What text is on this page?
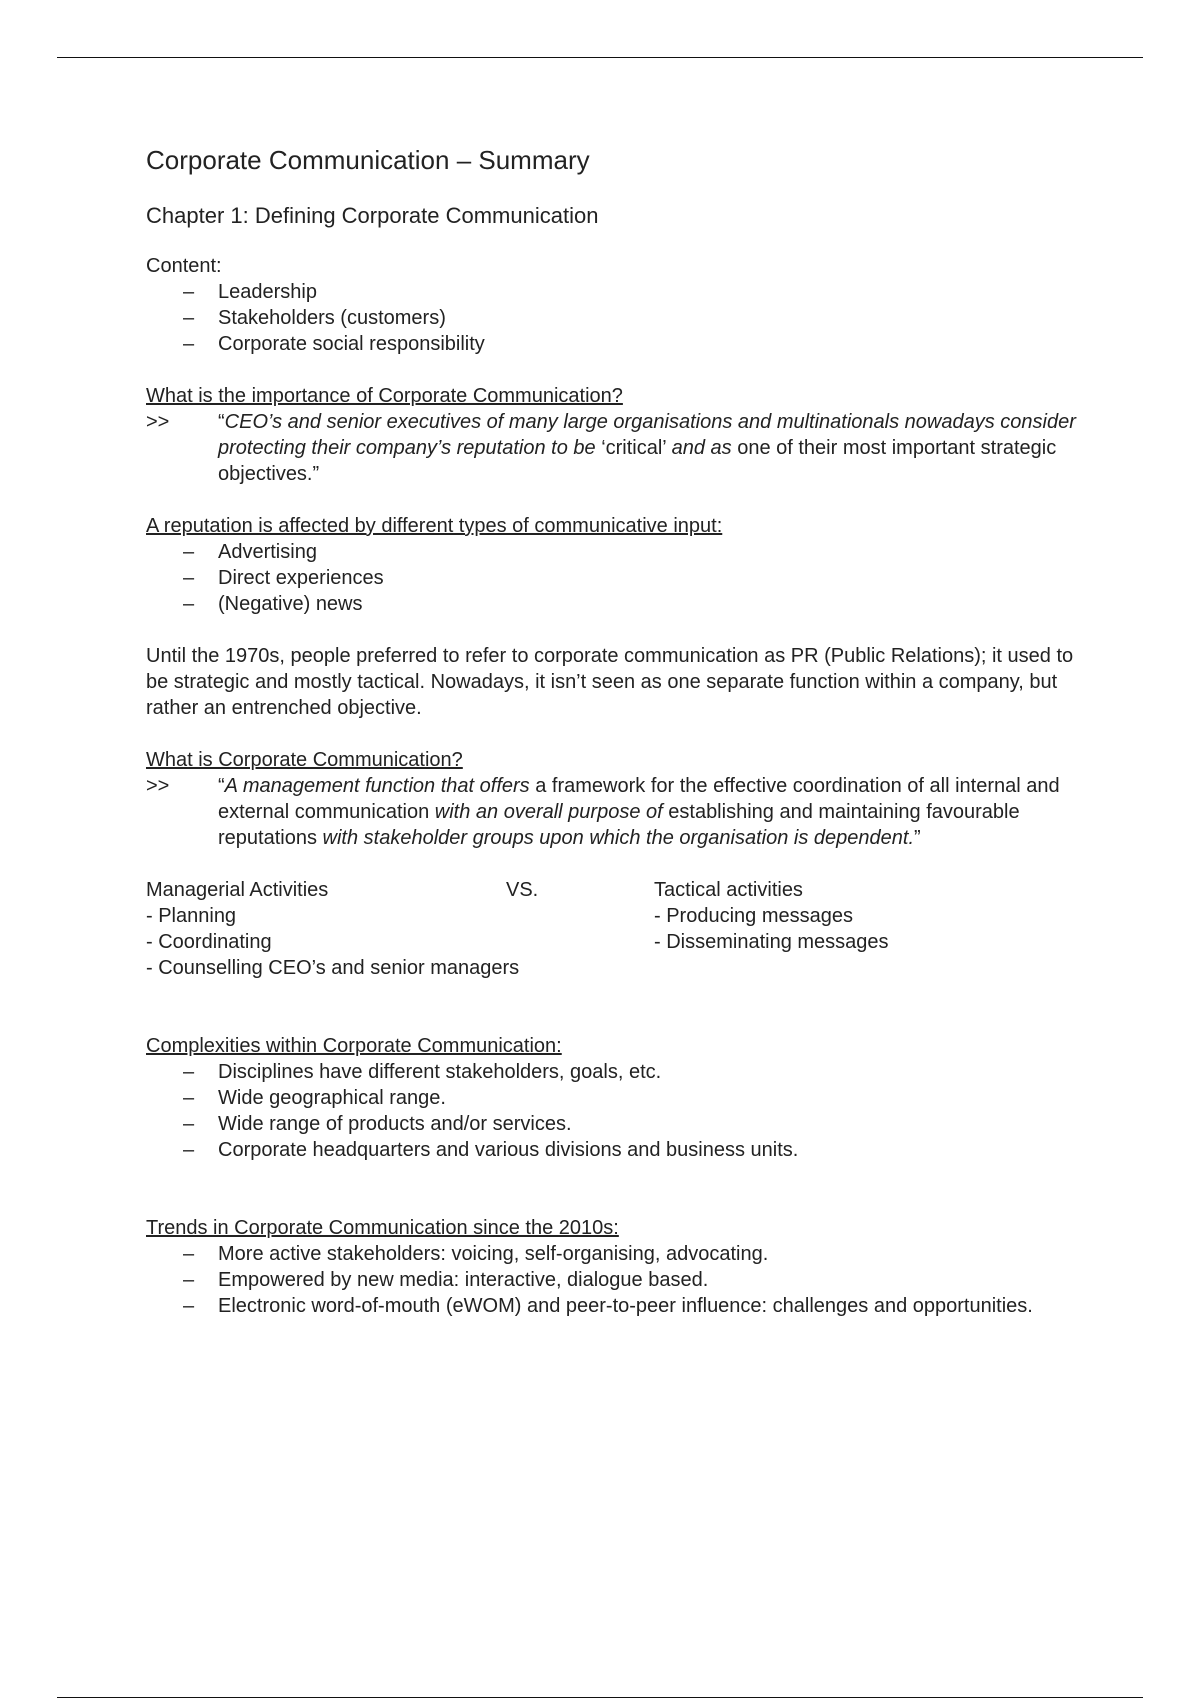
Corporate Communication – Summary
Chapter 1: Defining Corporate Communication

Content:

– Leadership
– Stakeholders (customers)
– Corporate social responsibility

What is the importance of Corporate Communication?

>> “CEO’s and senior executives of many large organisations and multinationals nowadays consider protecting their company’s reputation to be ‘critical’ and as one of their most important strategic objectives.”

A reputation is affected by different types of communicative input:

– Advertising
– Direct experiences
– (Negative) news

Until the 1970s, people preferred to refer to corporate communication as PR (Public Relations); it used to be strategic and mostly tactical. Nowadays, it isn’t seen as one separate function within a company, but rather an entrenched objective.

What is Corporate Communication?

>> “A management function that offers a framework for the effective coordination of all internal and external communication with an overall purpose of establishing and maintaining favourable reputations with stakeholder groups upon which the organisation is dependent.”
Managerial Activities
- Planning
- Coordinating
- Counselling CEO’s and senior managers
VS.	Tactical activities
- Producing messages
- Disseminating messages

Complexities within Corporate Communication:

– Disciplines have different stakeholders, goals, etc.
– Wide geographical range.
– Wide range of products and/or services.
– Corporate headquarters and various divisions and business units.

Trends in Corporate Communication since the 2010s:

– More active stakeholders: voicing, self-organising, advocating.
– Empowered by new media: interactive, dialogue based.
– Electronic word-of-mouth (eWOM) and peer-to-peer influence: challenges and opportunities.
